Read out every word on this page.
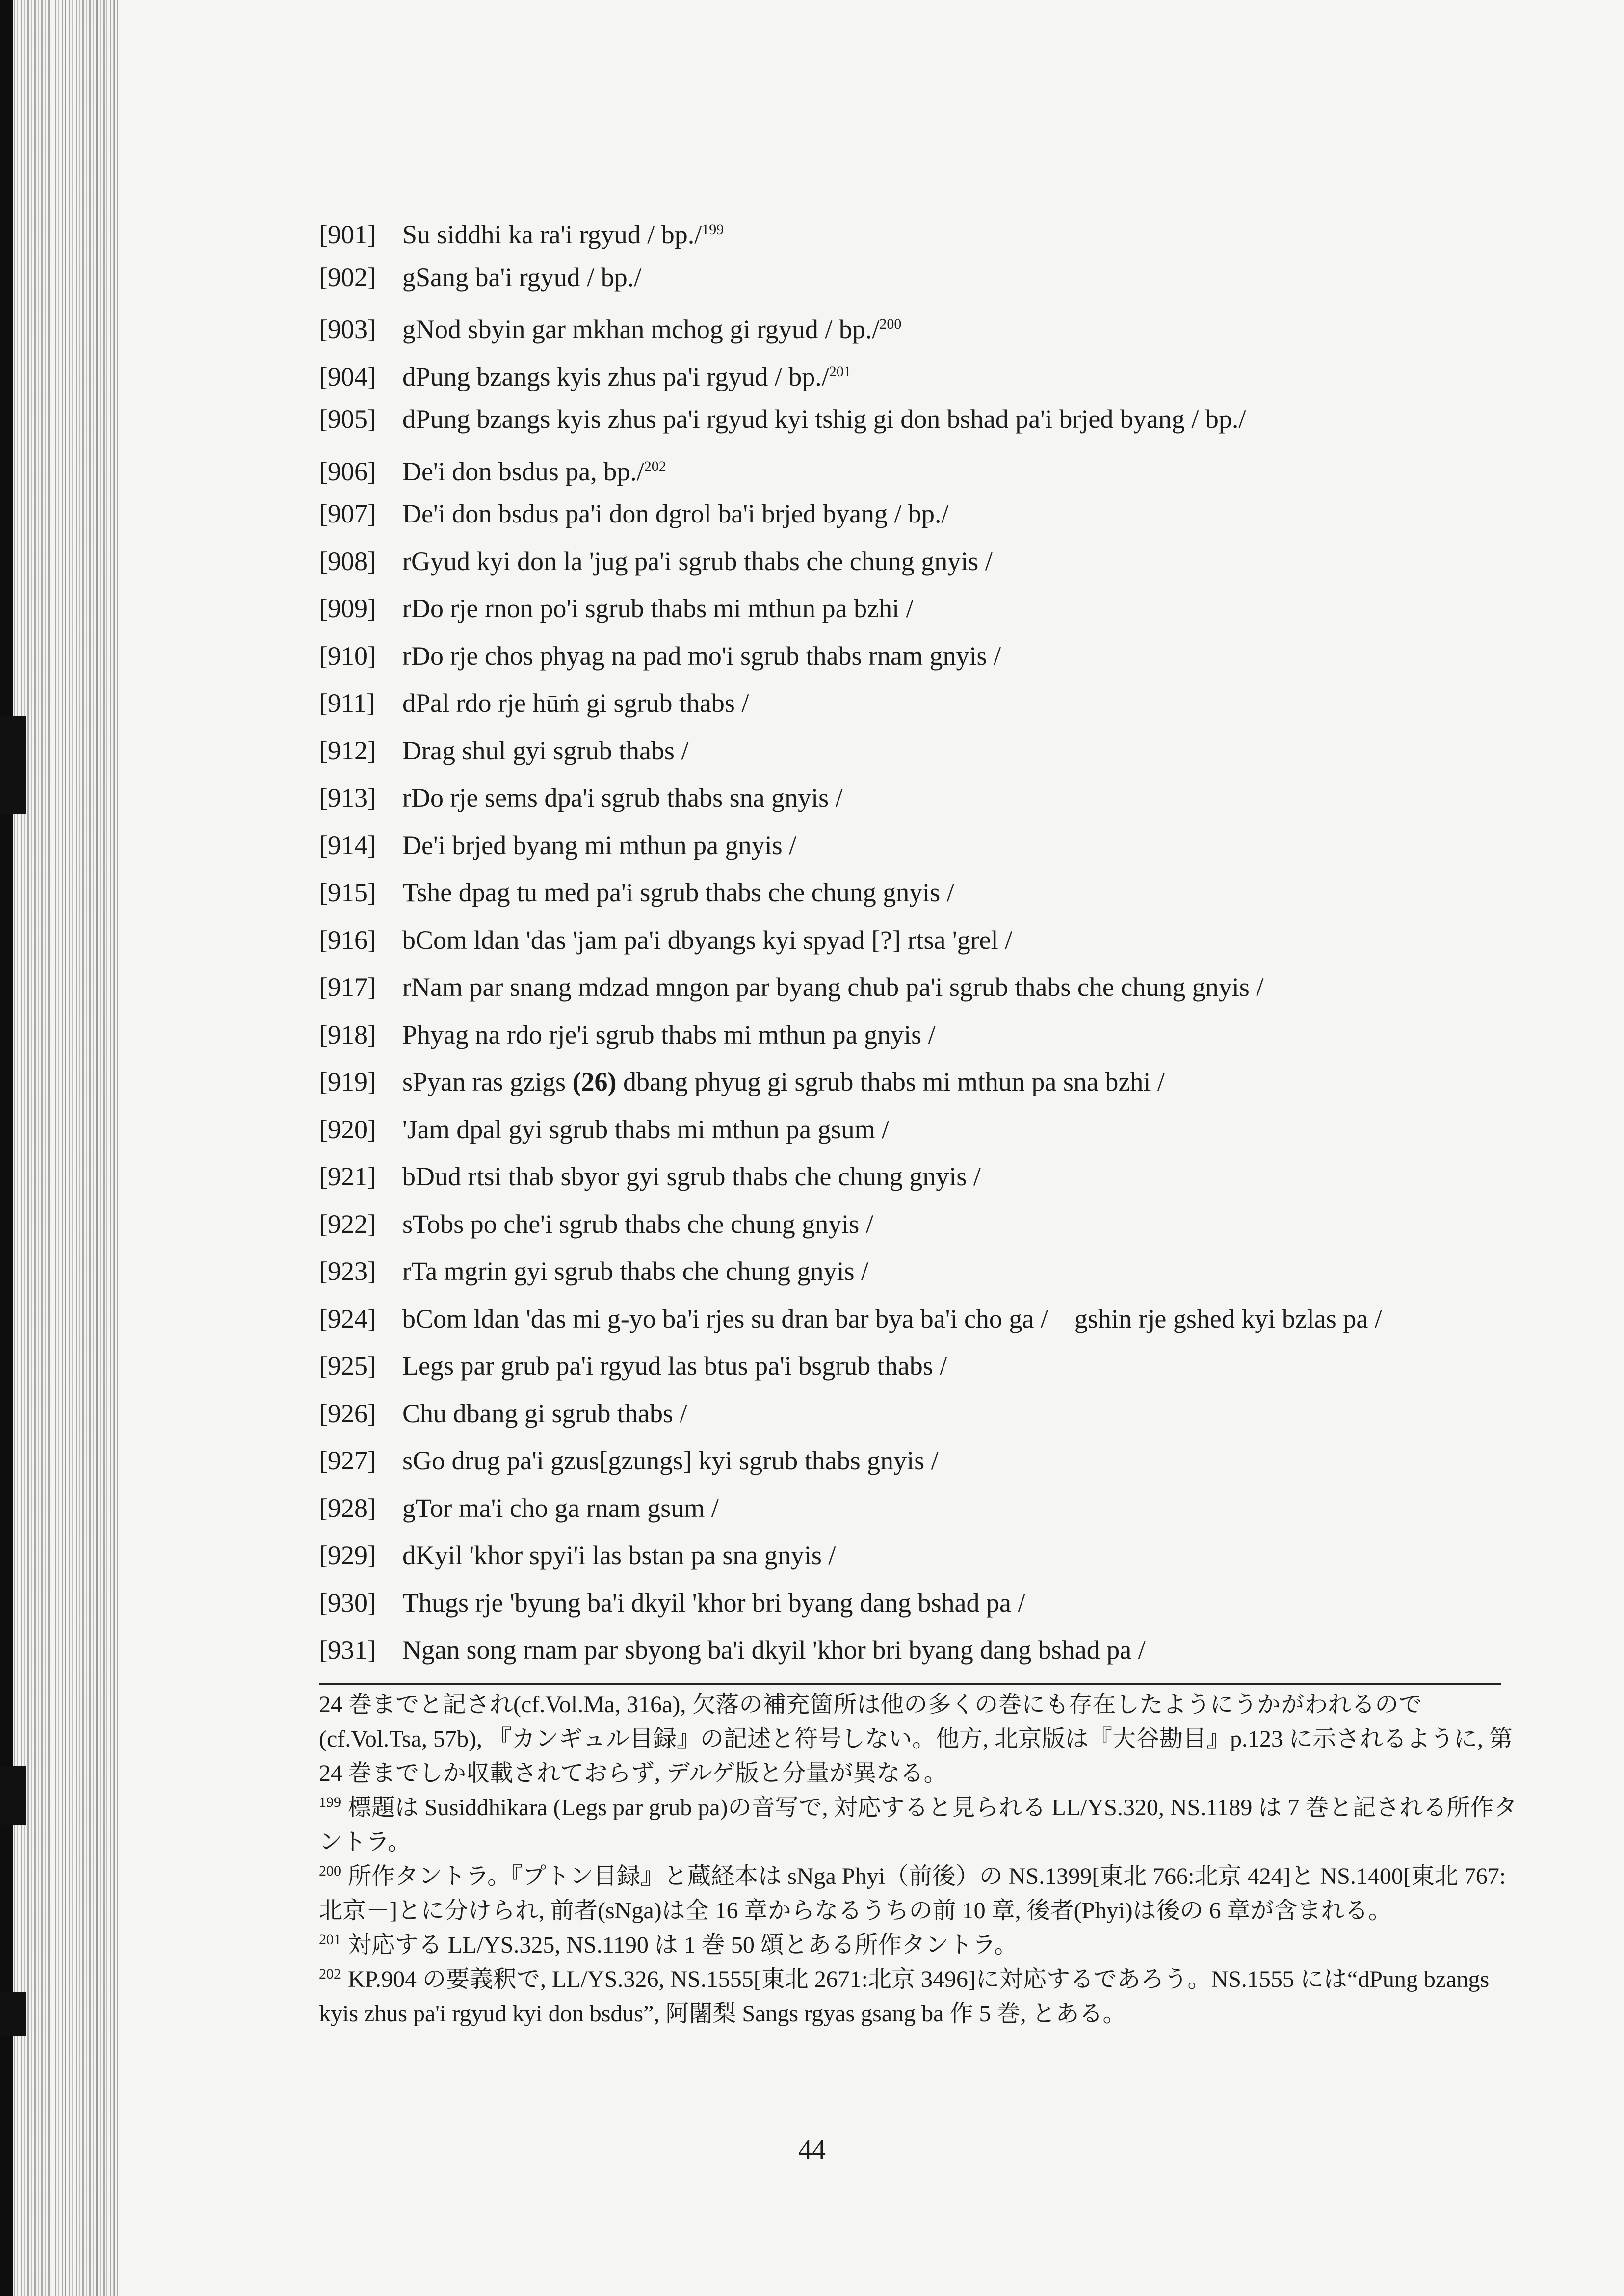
[901] Su siddhi ka ra'i rgyud / bp./$^{199}$
[902] gSang ba'i rgyud / bp./
[903] gNod sbyin gar mkhan mchog gi rgyud / bp./$^{200}$
[904] dPung bzangs kyis zhus pa'i rgyud / bp./$^{201}$
[905] dPung bzangs kyis zhus pa'i rgyud kyi tshig gi don bshad pa'i brjed byang / bp./
[906] De'i don bsdus pa, bp./$^{202}$
[907] De'i don bsdus pa'i don dgrol ba'i brjed byang / bp./
[908] rGyud kyi don la 'jug pa'i sgrub thabs che chung gnyis /
[909] rDo rje rnon po'i sgrub thabs mi mthun pa bzhi /
[910] rDo rje chos phyag na pad mo'i sgrub thabs rnam gnyis /
[911] dPal rdo rje hūṁ gi sgrub thabs /
[912] Drag shul gyi sgrub thabs /
[913] rDo rje sems dpa'i sgrub thabs sna gnyis /
[914] De'i brjed byang mi mthun pa gnyis /
[915] Tshe dpag tu med pa'i sgrub thabs che chung gnyis /
[916] bCom ldan 'das 'jam pa'i dbyangs kyi spyad [?] rtsa 'grel /
[917] rNam par snang mdzad mngon par byang chub pa'i sgrub thabs che chung gnyis /
[918] Phyag na rdo rje'i sgrub thabs mi mthun pa gnyis /
[919] sPyan ras gzigs (26) dbang phyug gi sgrub thabs mi mthun pa sna bzhi /
[920] 'Jam dpal gyi sgrub thabs mi mthun pa gsum /
[921] bDud rtsi thab sbyor gyi sgrub thabs che chung gnyis /
[922] sTobs po che'i sgrub thabs che chung gnyis /
[923] rTa mgrin gyi sgrub thabs che chung gnyis /
[924] bCom ldan 'das mi g-yo ba'i rjes su dran bar bya ba'i cho ga /    gshin rje gshed kyi bzlas pa /
[925] Legs par grub pa'i rgyud las btus pa'i bsgrub thabs /
[926] Chu dbang gi sgrub thabs /
[927] sGo drug pa'i gzus[gzungs] kyi sgrub thabs gnyis /
[928] gTor ma'i cho ga rnam gsum /
[929] dKyil 'khor spyi'i las bstan pa sna gnyis /
[930] Thugs rje 'byung ba'i dkyil 'khor bri byang dang bshad pa /
[931] Ngan song rnam par sbyong ba'i dkyil 'khor bri byang dang bshad pa /

24 巻までと記され(cf.Vol.Ma, 316a), 欠落の補充箇所は他の多くの巻にも存在したようにうかがわれるので(cf.Vol.Tsa, 57b), 『カンギュル目録』の記述と符号しない。他方, 北京版は『大谷勘目』p.123 に示されるように, 第 24 巻までしか収載されておらず, デルゲ版と分量が異なる。

$^{199}$ 標題は Susiddhikara (Legs par grub pa)の音写で, 対応すると見られる LL/YS.320, NS.1189 は 7 巻と記される所作タントラ。

$^{200}$ 所作タントラ。『プトン目録』と蔵経本は sNga Phyi（前後）の NS.1399[東北 766:北京 424]と NS.1400[東北 767:北京－]とに分けられ, 前者(sNga)は全 16 章からなるうちの前 10 章, 後者(Phyi)は後の 6 章が含まれる。

$^{201}$ 対応する LL/YS.325, NS.1190 は 1 巻 50 頌とある所作タントラ。

$^{202}$ KP.904 の要義釈で, LL/YS.326, NS.1555[東北 2671:北京 3496]に対応するであろう。NS.1555 には“dPung bzangs kyis zhus pa'i rgyud kyi don bsdus”, 阿闍梨 Sangs rgyas gsang ba 作 5 巻, とある。

44
